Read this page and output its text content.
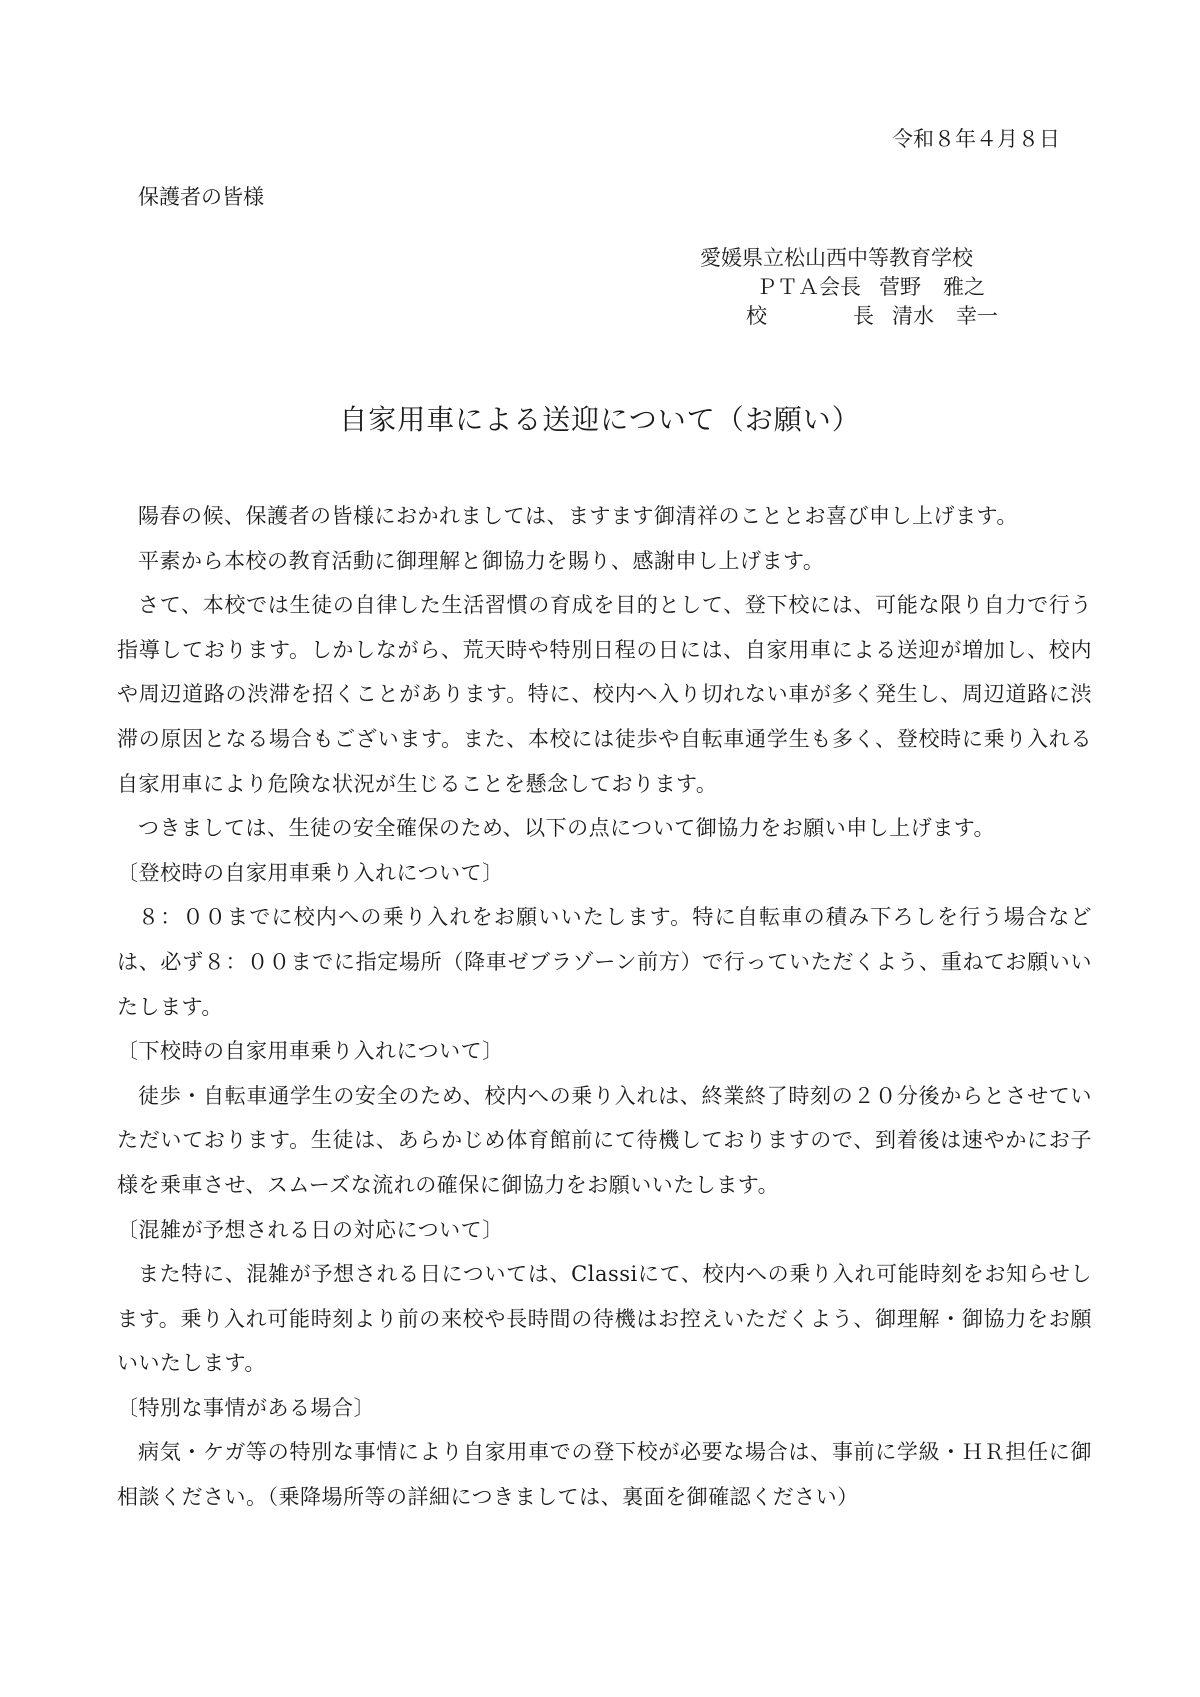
令和８年４月８日
保護者の皆様
愛媛県立松山西中等教育学校
ＰＴＡ会長 菅野 雅之
校	長 清水 幸一
自家用車による送迎について（お願い）

陽春の候、保護者の皆様におかれましては、ますます御清祥のこととお喜び申し上げます。

平素から本校の教育活動に御理解と御協力を賜り、感謝申し上げます。

さて、本校では生徒の自律した生活習慣の育成を目的として、登下校には、可能な限り自力で行う指導しております。しかしながら、荒天時や特別日程の日には、自家用車による送迎が増加し、校内や周辺道路の渋滞を招くことがあります。特に、校内へ入り切れない車が多く発生し、周辺道路に渋滞の原因となる場合もございます。また、本校には徒歩や自転車通学生も多く、登校時に乗り入れる自家用車により危険な状況が生じることを懸念しております。

つきましては、生徒の安全確保のため、以下の点について御協力をお願い申し上げます。

〔登校時の自家用車乗り入れについて〕

８：００までに校内への乗り入れをお願いいたします。特に自転車の積み下ろしを行う場合などは、必ず８：００までに指定場所（降車ゼブラゾーン前方）で行っていただくよう、重ねてお願いいたします。

〔下校時の自家用車乗り入れについて〕

徒歩・自転車通学生の安全のため、校内への乗り入れは、終業終了時刻の２０分後からとさせていただいております。生徒は、あらかじめ体育館前にて待機しておりますので、到着後は速やかにお子様を乗車させ、スムーズな流れの確保に御協力をお願いいたします。

〔混雑が予想される日の対応について〕

また特に、混雑が予想される日については、Classiにて、校内への乗り入れ可能時刻をお知らせします。乗り入れ可能時刻より前の来校や長時間の待機はお控えいただくよう、御理解・御協力をお願いいたします。

〔特別な事情がある場合〕

病気・ケガ等の特別な事情により自家用車での登下校が必要な場合は、事前に学級・ＨＲ担任に御相談ください。（乗降場所等の詳細につきましては、裏面を御確認ください）
